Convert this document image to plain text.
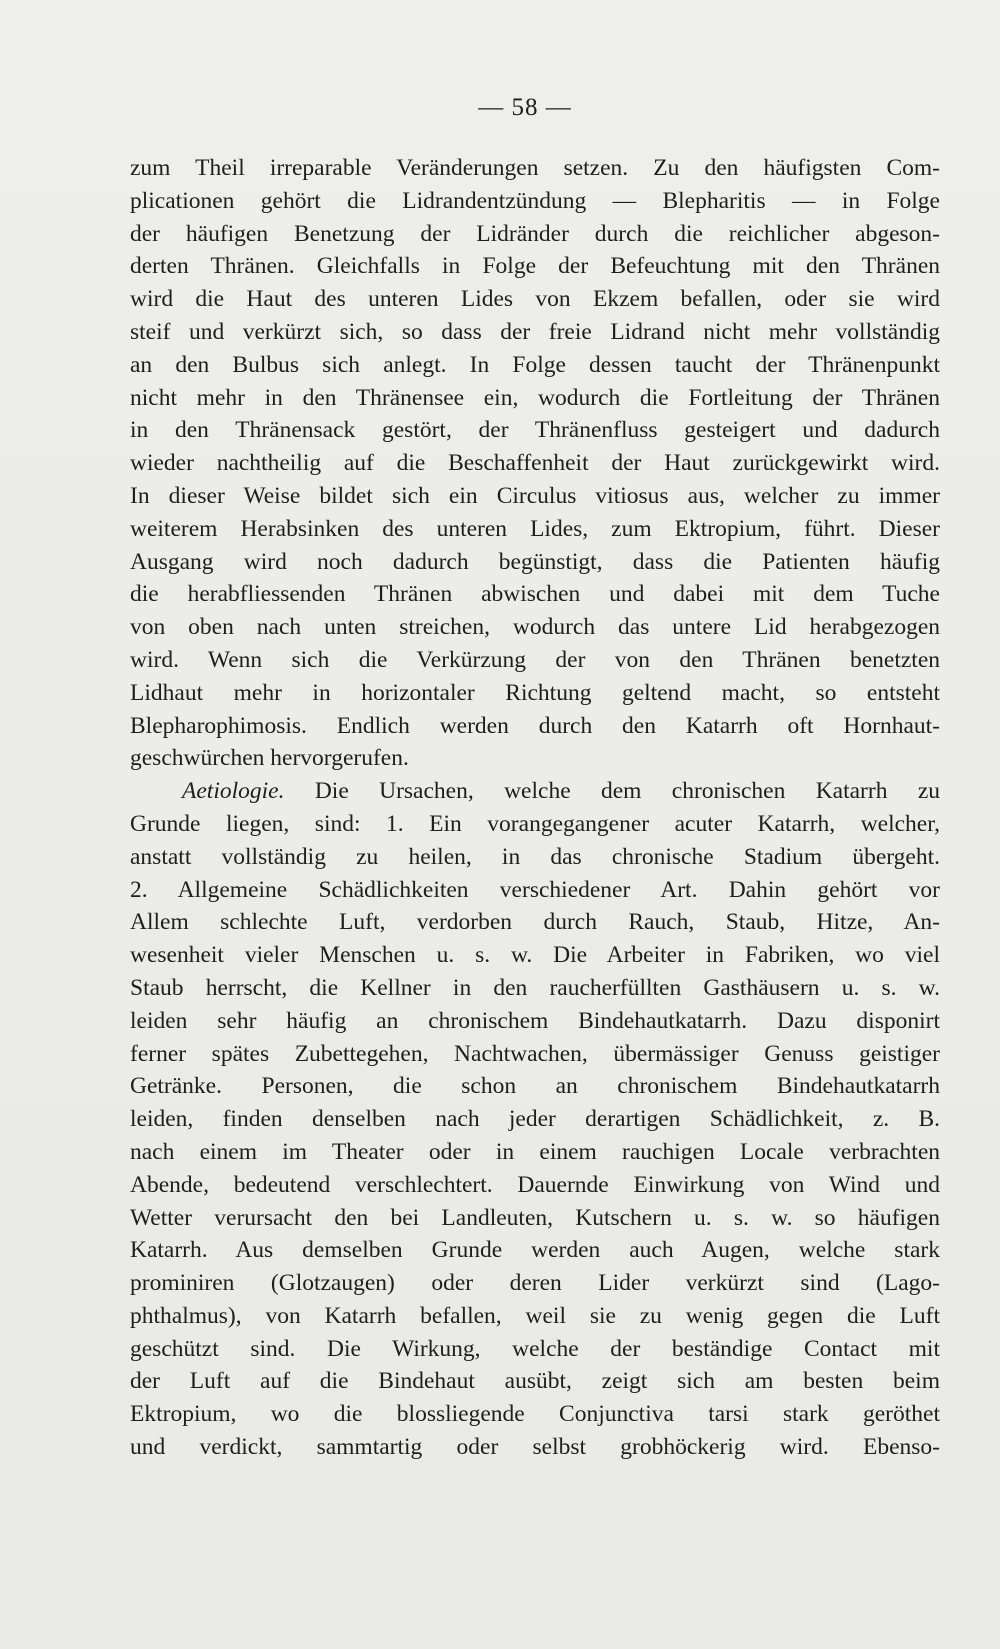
— 58 —
zum Theil irreparable Veränderungen setzen. Zu den häufigsten Com-
plicationen gehört die Lidrandentzündung — Blepharitis — in Folge
der häufigen Benetzung der Lidränder durch die reichlicher abgeson-
derten Thränen. Gleichfalls in Folge der Befeuchtung mit den Thränen
wird die Haut des unteren Lides von Ekzem befallen, oder sie wird
steif und verkürzt sich, so dass der freie Lidrand nicht mehr vollständig
an den Bulbus sich anlegt. In Folge dessen taucht der Thränenpunkt
nicht mehr in den Thränensee ein, wodurch die Fortleitung der Thränen
in den Thränensack gestört, der Thränenfluss gesteigert und dadurch
wieder nachtheilig auf die Beschaffenheit der Haut zurückgewirkt wird.
In dieser Weise bildet sich ein Circulus vitiosus aus, welcher zu immer
weiterem Herabsinken des unteren Lides, zum Ektropium, führt. Dieser
Ausgang wird noch dadurch begünstigt, dass die Patienten häufig
die herabfliessenden Thränen abwischen und dabei mit dem Tuche
von oben nach unten streichen, wodurch das untere Lid herabgezogen
wird. Wenn sich die Verkürzung der von den Thränen benetzten
Lidhaut mehr in horizontaler Richtung geltend macht, so entsteht
Blepharophimosis. Endlich werden durch den Katarrh oft Hornhaut-
geschwürchen hervorgerufen.
Aetiologie. Die Ursachen, welche dem chronischen Katarrh zu
Grunde liegen, sind: 1. Ein vorangegangener acuter Katarrh, welcher,
anstatt vollständig zu heilen, in das chronische Stadium übergeht.
2. Allgemeine Schädlichkeiten verschiedener Art. Dahin gehört vor
Allem schlechte Luft, verdorben durch Rauch, Staub, Hitze, An-
wesenheit vieler Menschen u. s. w. Die Arbeiter in Fabriken, wo viel
Staub herrscht, die Kellner in den raucherfüllten Gasthäusern u. s. w.
leiden sehr häufig an chronischem Bindehautkatarrh. Dazu disponirt
ferner spätes Zubettegehen, Nachtwachen, übermässiger Genuss geistiger
Getränke. Personen, die schon an chronischem Bindehautkatarrh
leiden, finden denselben nach jeder derartigen Schädlichkeit, z. B.
nach einem im Theater oder in einem rauchigen Locale verbrachten
Abende, bedeutend verschlechtert. Dauernde Einwirkung von Wind und
Wetter verursacht den bei Landleuten, Kutschern u. s. w. so häufigen
Katarrh. Aus demselben Grunde werden auch Augen, welche stark
prominiren (Glotzaugen) oder deren Lider verkürzt sind (Lago-
phthalmus), von Katarrh befallen, weil sie zu wenig gegen die Luft
geschützt sind. Die Wirkung, welche der beständige Contact mit
der Luft auf die Bindehaut ausübt, zeigt sich am besten beim
Ektropium, wo die blossliegende Conjunctiva tarsi stark geröthet
und verdickt, sammtartig oder selbst grobhöckerig wird. Ebenso-
